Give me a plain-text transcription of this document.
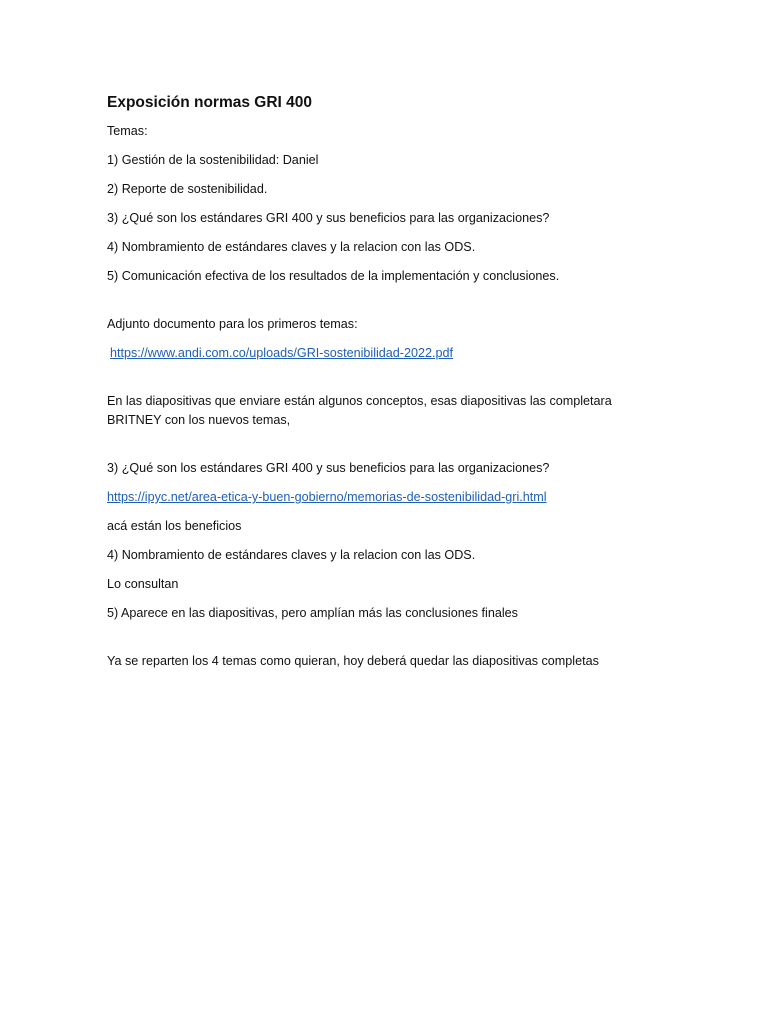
Exposición normas GRI 400
Temas:
1) Gestión de la sostenibilidad: Daniel
2) Reporte de sostenibilidad.
3) ¿Qué son los estándares GRI 400 y sus beneficios para las organizaciones?
4) Nombramiento de estándares claves y la relacion con las ODS.
5) Comunicación efectiva de los resultados de la implementación y conclusiones.
Adjunto documento para los primeros temas:
https://www.andi.com.co/uploads/GRI-sostenibilidad-2022.pdf
En las diapositivas que enviare están algunos conceptos, esas diapositivas las completara BRITNEY con los nuevos temas,
3) ¿Qué son los estándares GRI 400 y sus beneficios para las organizaciones?
https://ipyc.net/area-etica-y-buen-gobierno/memorias-de-sostenibilidad-gri.html
acá están los beneficios
4) Nombramiento de estándares claves y la relacion con las ODS.
Lo consultan
5) Aparece en las diapositivas, pero amplían más las conclusiones finales
Ya se reparten los 4 temas como quieran, hoy deberá quedar las diapositivas completas
